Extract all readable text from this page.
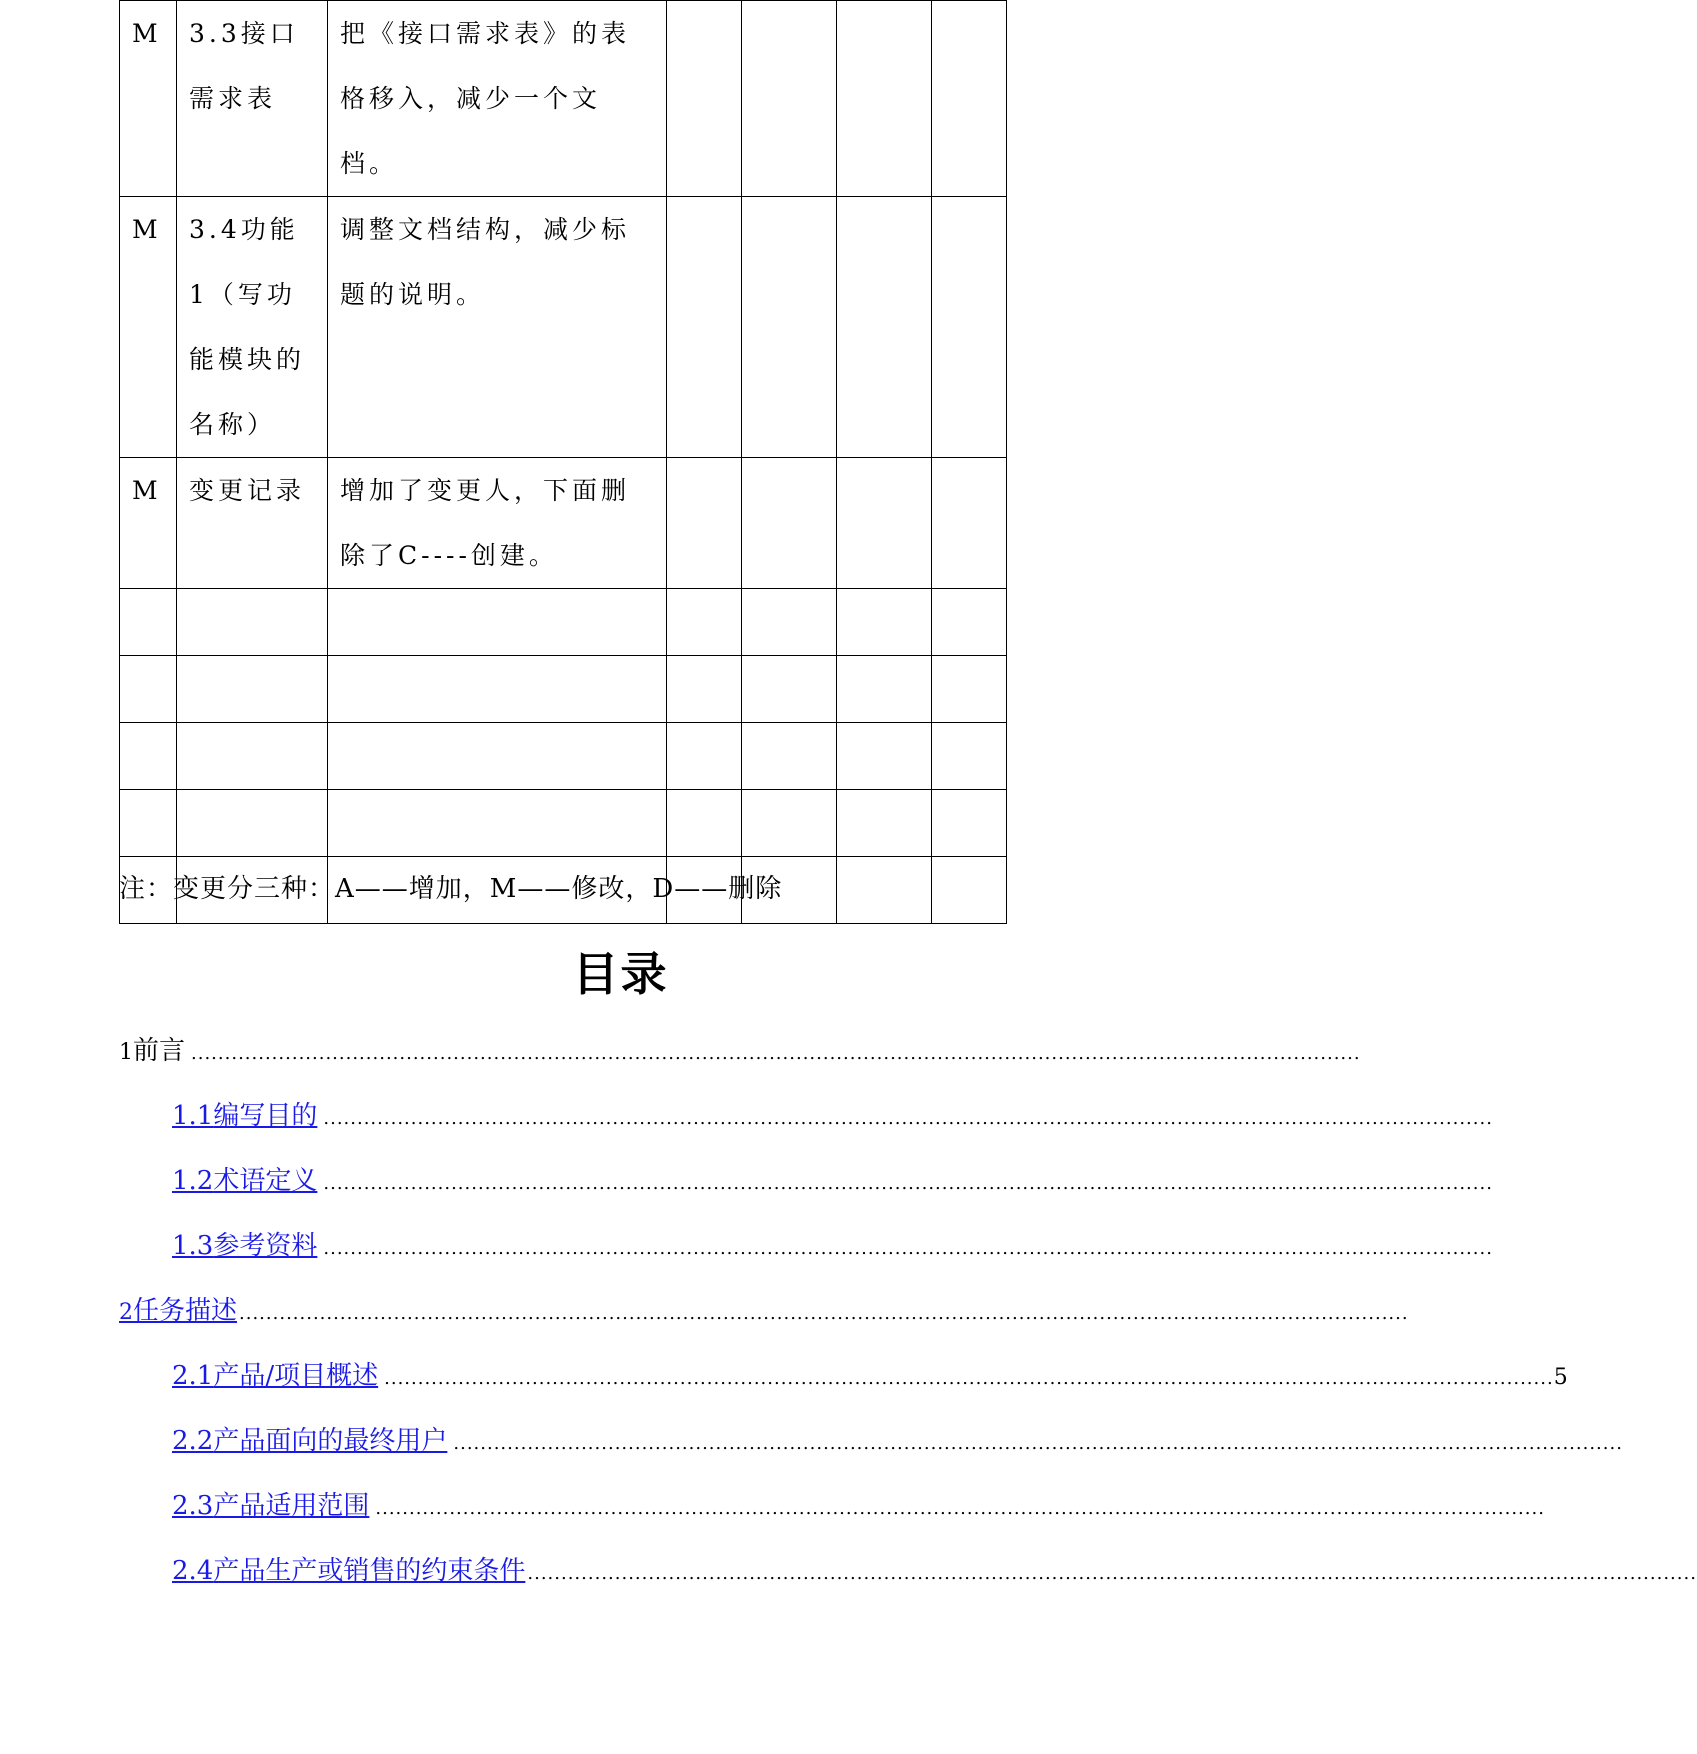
M	3.3接口需求表	把《接口需求表》的表格移入，减少一个文档。				
M	3.4功能1（写功能模块的名称）	调整文档结构，减少标题的说明。				
M	变更记录	增加了变更人，下面删除了C----创建。				

注：变更分三种：A——增加，M——修改，D——删除
目录
1 前言 ..............................................................................................................................................................................
1.1 编写目的 ..............................................................................................................................................................................
1.2 术语定义 ..............................................................................................................................................................................
1.3 参考资料 ..............................................................................................................................................................................
2 任务描述 ..............................................................................................................................................................................
2.1 产品/项目概述 .............................................................................................................................................................................. 5
2.2 产品面向的最终用户 ..............................................................................................................................................................................
2.3 产品适用范围 ..............................................................................................................................................................................
2.4 产品生产或销售的约束条件 ..............................................................................................................................................................................
